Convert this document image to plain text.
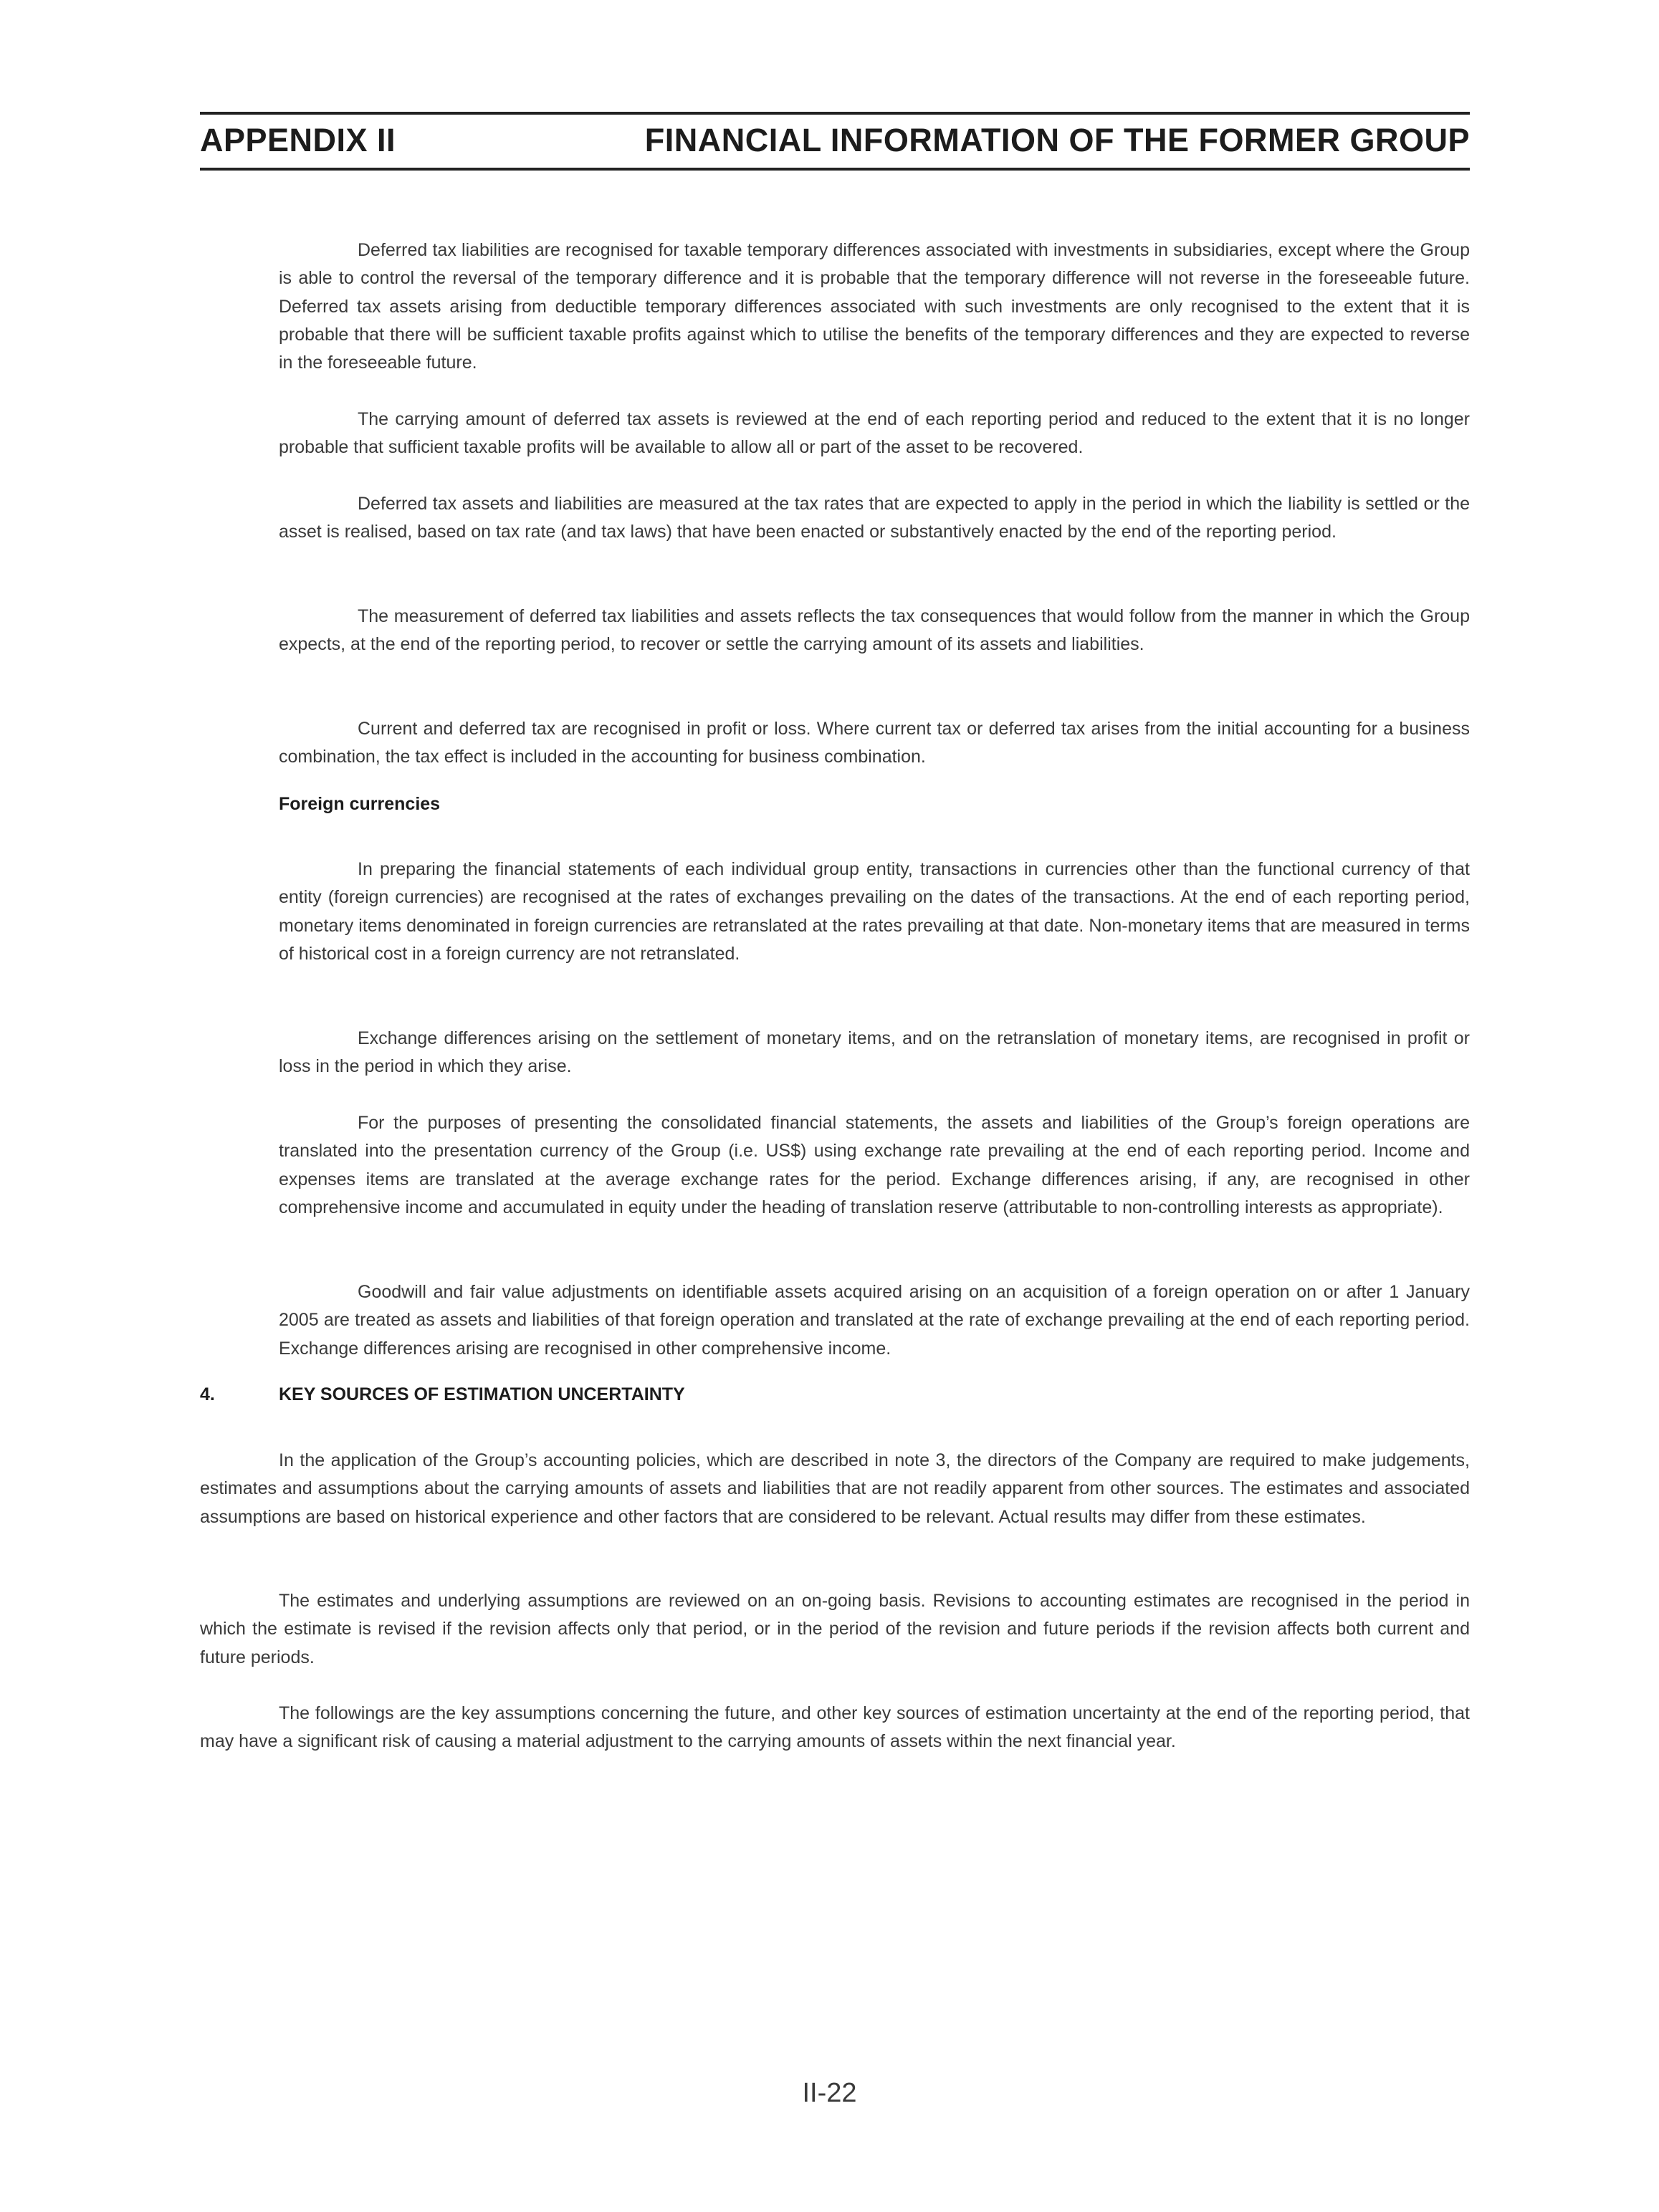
APPENDIX II	FINANCIAL INFORMATION OF THE FORMER GROUP

Deferred tax liabilities are recognised for taxable temporary differences associated with investments in subsidiaries, except where the Group is able to control the reversal of the temporary difference and it is probable that the temporary difference will not reverse in the foreseeable future. Deferred tax assets arising from deductible temporary differences associated with such investments are only recognised to the extent that it is probable that there will be sufficient taxable profits against which to utilise the benefits of the temporary differences and they are expected to reverse in the foreseeable future.

The carrying amount of deferred tax assets is reviewed at the end of each reporting period and reduced to the extent that it is no longer probable that sufficient taxable profits will be available to allow all or part of the asset to be recovered.

Deferred tax assets and liabilities are measured at the tax rates that are expected to apply in the period in which the liability is settled or the asset is realised, based on tax rate (and tax laws) that have been enacted or substantively enacted by the end of the reporting period.

The measurement of deferred tax liabilities and assets reflects the tax consequences that would follow from the manner in which the Group expects, at the end of the reporting period, to recover or settle the carrying amount of its assets and liabilities.

Current and deferred tax are recognised in profit or loss. Where current tax or deferred tax arises from the initial accounting for a business combination, the tax effect is included in the accounting for business combination.

Foreign currencies

In preparing the financial statements of each individual group entity, transactions in currencies other than the functional currency of that entity (foreign currencies) are recognised at the rates of exchanges prevailing on the dates of the transactions. At the end of each reporting period, monetary items denominated in foreign currencies are retranslated at the rates prevailing at that date. Non-monetary items that are measured in terms of historical cost in a foreign currency are not retranslated.

Exchange differences arising on the settlement of monetary items, and on the retranslation of monetary items, are recognised in profit or loss in the period in which they arise.

For the purposes of presenting the consolidated financial statements, the assets and liabilities of the Group’s foreign operations are translated into the presentation currency of the Group (i.e. US$) using exchange rate prevailing at the end of each reporting period. Income and expenses items are translated at the average exchange rates for the period. Exchange differences arising, if any, are recognised in other comprehensive income and accumulated in equity under the heading of translation reserve (attributable to non-controlling interests as appropriate).

Goodwill and fair value adjustments on identifiable assets acquired arising on an acquisition of a foreign operation on or after 1 January 2005 are treated as assets and liabilities of that foreign operation and translated at the rate of exchange prevailing at the end of each reporting period. Exchange differences arising are recognised in other comprehensive income.

4.	KEY SOURCES OF ESTIMATION UNCERTAINTY

In the application of the Group’s accounting policies, which are described in note 3, the directors of the Company are required to make judgements, estimates and assumptions about the carrying amounts of assets and liabilities that are not readily apparent from other sources. The estimates and associated assumptions are based on historical experience and other factors that are considered to be relevant. Actual results may differ from these estimates.

The estimates and underlying assumptions are reviewed on an on-going basis. Revisions to accounting estimates are recognised in the period in which the estimate is revised if the revision affects only that period, or in the period of the revision and future periods if the revision affects both current and future periods.

The followings are the key assumptions concerning the future, and other key sources of estimation uncertainty at the end of the reporting period, that may have a significant risk of causing a material adjustment to the carrying amounts of assets within the next financial year.

II-22
